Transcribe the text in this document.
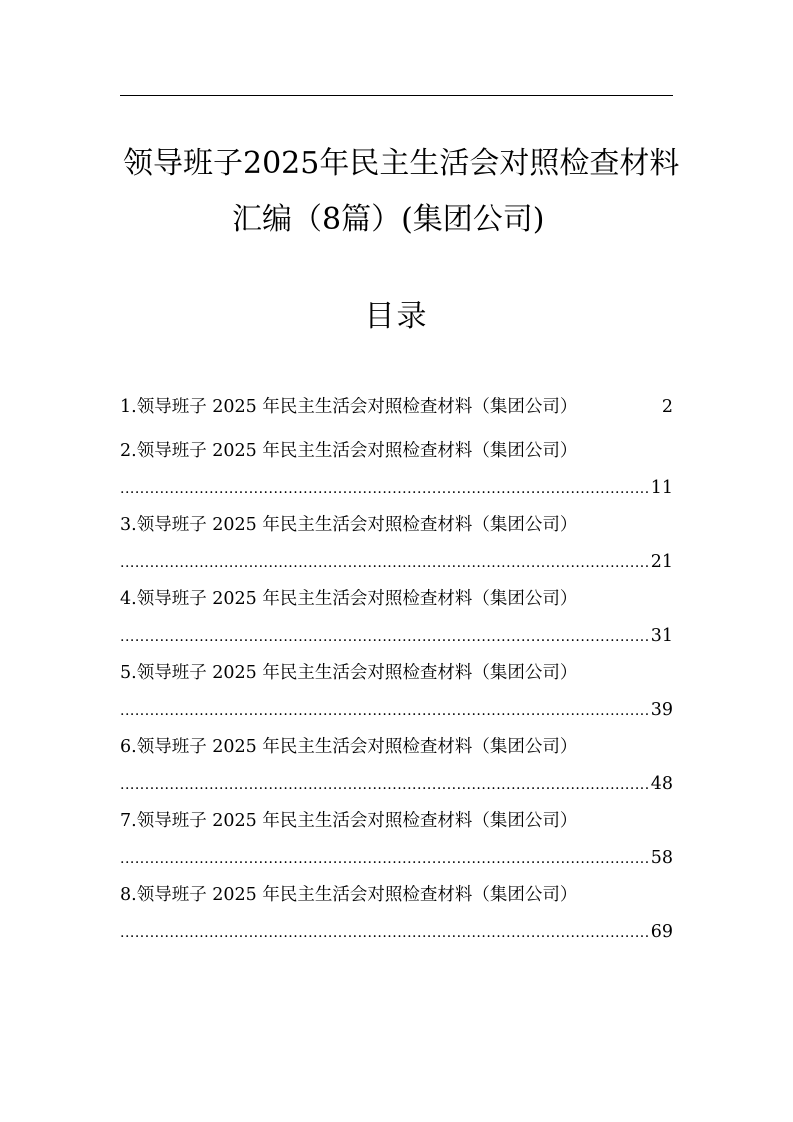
领导班子2025年民主生活会对照检查材料
汇编（8篇）(集团公司)
目录
1. 领导班子 2025 年民主生活会对照检查材料（集团公司）	2
2. 领导班子 2025 年民主生活会对照检查材料（集团公司）
.....
11
3. 领导班子 2025 年民主生活会对照检查材料（集团公司）
.....
21
4. 领导班子 2025 年民主生活会对照检查材料（集团公司）
.....
31
5. 领导班子 2025 年民主生活会对照检查材料（集团公司）
.....
39
6. 领导班子 2025 年民主生活会对照检查材料（集团公司）
.....
48
7. 领导班子 2025 年民主生活会对照检查材料（集团公司）
.....
58
8. 领导班子 2025 年民主生活会对照检查材料（集团公司）
.....
69
